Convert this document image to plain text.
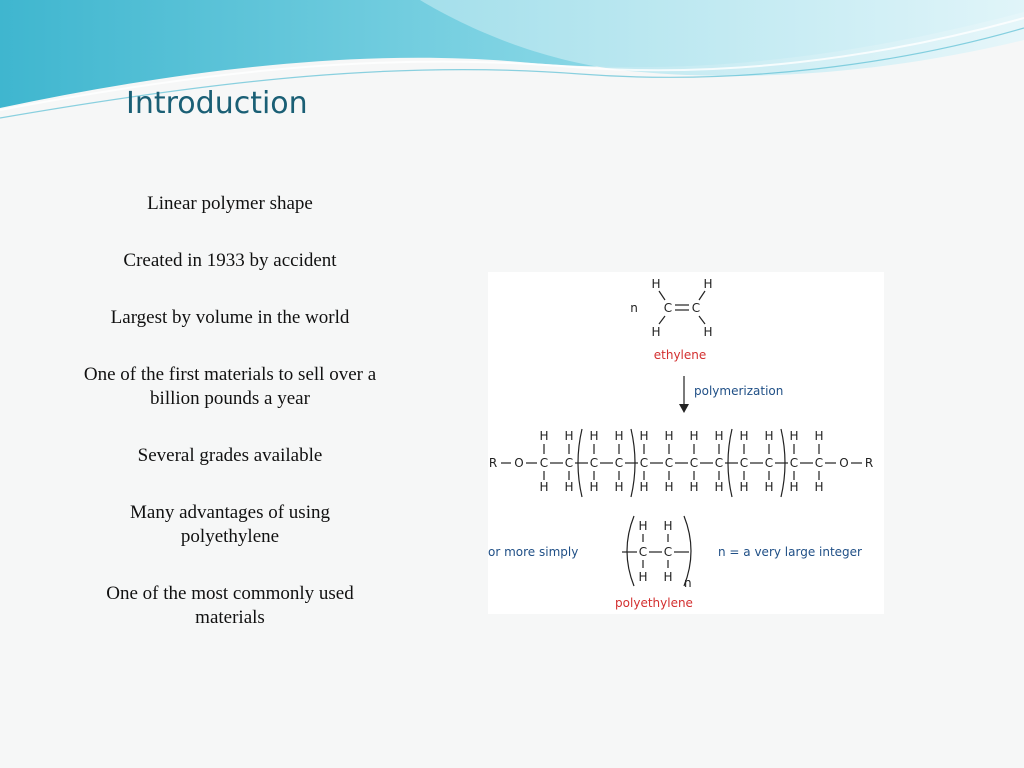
Introduction
Linear polymer shape
Created in 1933 by accident
Largest by volume in the world
One of the first materials to sell over a billion pounds a year
Several grades available
Many advantages of using polyethylene
One of the most commonly used materials
n C C
H	H
H	H
ethylene
polymerization
R O C
H
H
C
H
H
C
H
H
C
H
H
C
H
H
C
H
H
C
H
H
C
H
H
C
H
H
C
H
H
C
H
H
C
H
H
O R
or more simply
H H
C C
H H n
n = a very large integer
polyethylene
